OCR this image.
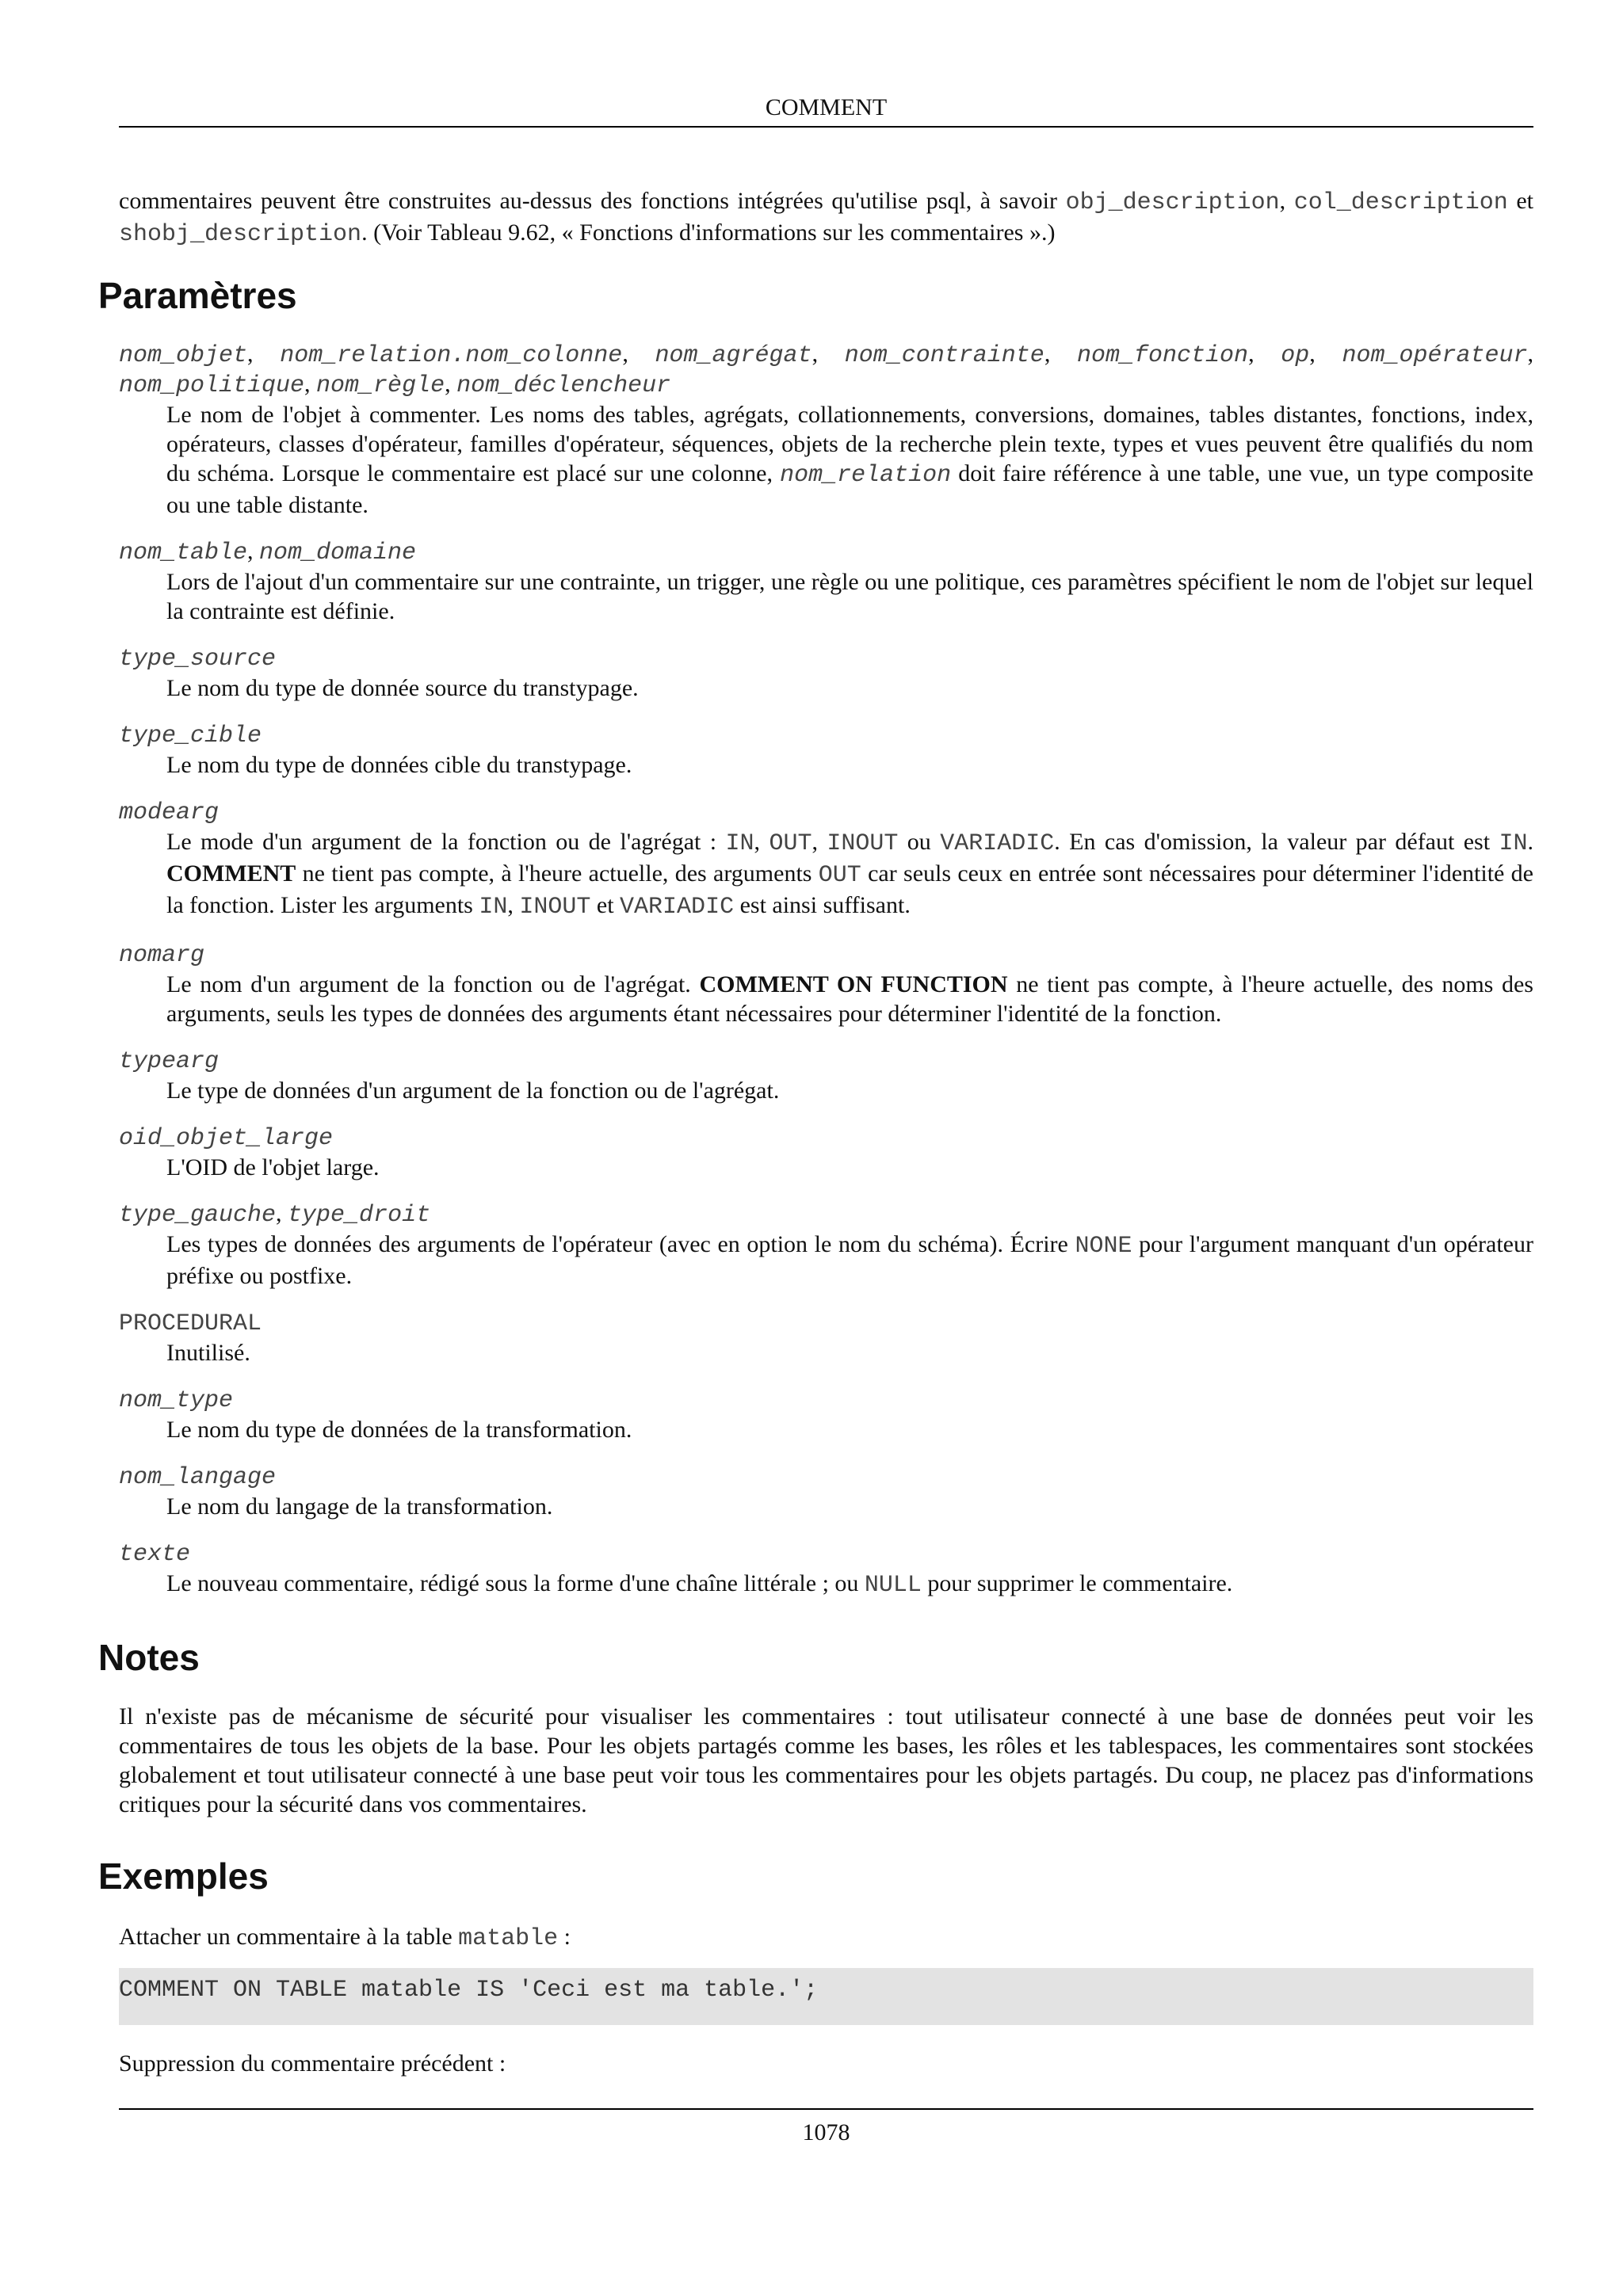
COMMENT

commentaires peuvent être construites au-dessus des fonctions intégrées qu'utilise psql, à savoir obj_description, col_description et shobj_description. (Voir Tableau 9.62, « Fonctions d'informations sur les commentaires ».)

Paramètres

nom_objet, nom_relation.nom_colonne, nom_agrégat, nom_contrainte, nom_fonction, op, nom_opérateur, nom_politique, nom_règle, nom_déclencheur

Le nom de l'objet à commenter. Les noms des tables, agrégats, collationnements, conversions, domaines, tables distantes, fonctions, index, opérateurs, classes d'opérateur, familles d'opérateur, séquences, objets de la recherche plein texte, types et vues peuvent être qualifiés du nom du schéma. Lorsque le commentaire est placé sur une colonne, nom_relation doit faire référence à une table, une vue, un type composite ou une table distante.

nom_table, nom_domaine

Lors de l'ajout d'un commentaire sur une contrainte, un trigger, une règle ou une politique, ces paramètres spécifient le nom de l'objet sur lequel la contrainte est définie.

type_source

Le nom du type de donnée source du transtypage.

type_cible

Le nom du type de données cible du transtypage.

modearg

Le mode d'un argument de la fonction ou de l'agrégat : IN, OUT, INOUT ou VARIADIC. En cas d'omission, la valeur par défaut est IN. COMMENT ne tient pas compte, à l'heure actuelle, des arguments OUT car seuls ceux en entrée sont nécessaires pour déterminer l'identité de la fonction. Lister les arguments IN, INOUT et VARIADIC est ainsi suffisant.

nomarg

Le nom d'un argument de la fonction ou de l'agrégat. COMMENT ON FUNCTION ne tient pas compte, à l'heure actuelle, des noms des arguments, seuls les types de données des arguments étant nécessaires pour déterminer l'identité de la fonction.

typearg

Le type de données d'un argument de la fonction ou de l'agrégat.

oid_objet_large

L'OID de l'objet large.

type_gauche, type_droit

Les types de données des arguments de l'opérateur (avec en option le nom du schéma). Écrire NONE pour l'argument manquant d'un opérateur préfixe ou postfixe.

PROCEDURAL

Inutilisé.

nom_type

Le nom du type de données de la transformation.

nom_langage

Le nom du langage de la transformation.

texte

Le nouveau commentaire, rédigé sous la forme d'une chaîne littérale ; ou NULL pour supprimer le commentaire.

Notes

Il n'existe pas de mécanisme de sécurité pour visualiser les commentaires : tout utilisateur connecté à une base de données peut voir les commentaires de tous les objets de la base. Pour les objets partagés comme les bases, les rôles et les tablespaces, les commentaires sont stockées globalement et tout utilisateur connecté à une base peut voir tous les commentaires pour les objets partagés. Du coup, ne placez pas d'informations critiques pour la sécurité dans vos commentaires.

Exemples

Attacher un commentaire à la table matable :

COMMENT ON TABLE matable IS 'Ceci est ma table.';

Suppression du commentaire précédent :

1078
